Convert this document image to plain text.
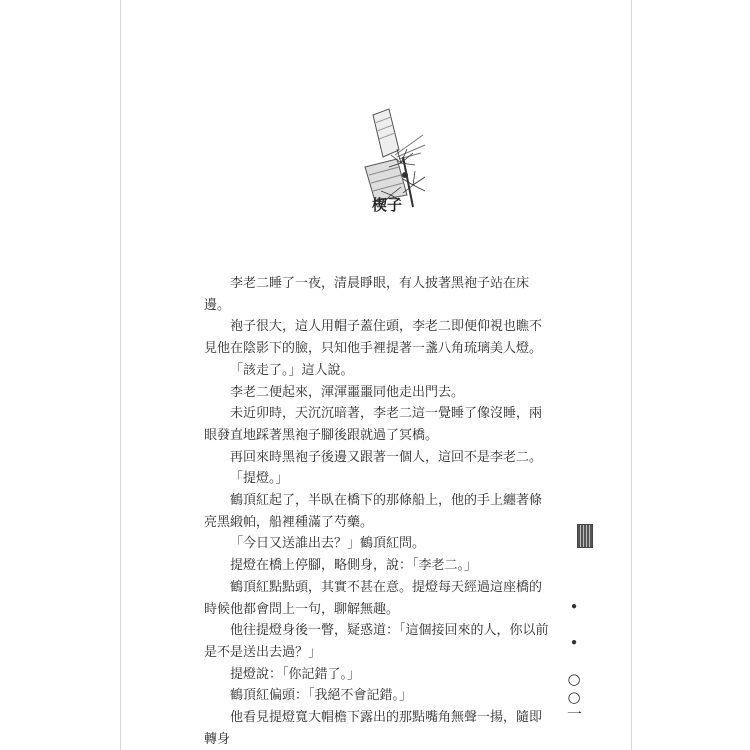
楔子

李老二睡了一夜，清晨睜眼，有人披著黑袍子站在床邊。

袍子很大，這人用帽子蓋住頭，李老二即便仰視也瞧不見他在陰影下的臉，只知他手裡提著一盞八角琉璃美人燈。

「該走了。」這人說。

李老二便起來，渾渾噩噩同他走出門去。

未近卯時，天沉沉暗著，李老二這一覺睡了像沒睡，兩眼發直地踩著黑袍子腳後跟就過了冥橋。

再回來時黑袍子後邊又跟著一個人，這回不是李老二。

「提燈。」

鶴頂紅起了，半臥在橋下的那條船上，他的手上纏著條亮黑緞帕，船裡種滿了芍藥。

「今日又送誰出去？」鶴頂紅問。

提燈在橋上停腳，略側身，說：「李老二。」

鶴頂紅點點頭，其實不甚在意。提燈每天經過這座橋的時候他都會問上一句，聊解無趣。

他往提燈身後一瞥，疑惑道：「這個接回來的人，你以前是不是送出去過？」

提燈說：「你記錯了。」

鶴頂紅偏頭：「我絕不會記錯。」

他看見提燈寬大帽檐下露出的那點嘴角無聲一揚，隨即轉身

• • ○○一
